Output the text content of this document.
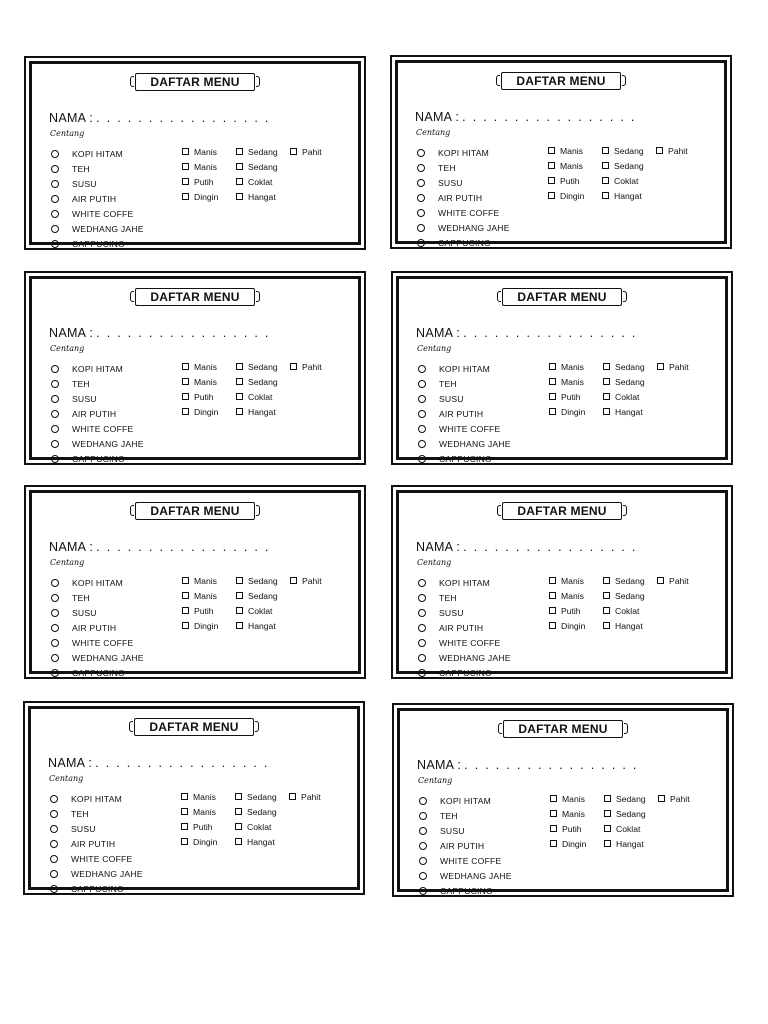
DAFTAR MENU
NAMA : . . . . . . . . . . . . . . . . .
Centang
KOPI HITAM
TEH
SUSU
AIR PUTIH
WHITE COFFE
WEDHANG JAHE
CAPPUCINO
Manis	Sedang	Pahit
Manis	Sedang
Putih	Coklat
Dingin	Hangat
DAFTAR MENU
NAMA : . . . . . . . . . . . . . . . . .
Centang
KOPI HITAM
TEH
SUSU
AIR PUTIH
WHITE COFFE
WEDHANG JAHE
CAPPUCINO
Manis	Sedang	Pahit
Manis	Sedang
Putih	Coklat
Dingin	Hangat
DAFTAR MENU
NAMA : . . . . . . . . . . . . . . . . .
Centang
KOPI HITAM
TEH
SUSU
AIR PUTIH
WHITE COFFE
WEDHANG JAHE
CAPPUCINO
Manis	Sedang	Pahit
Manis	Sedang
Putih	Coklat
Dingin	Hangat
DAFTAR MENU
NAMA : . . . . . . . . . . . . . . . . .
Centang
KOPI HITAM
TEH
SUSU
AIR PUTIH
WHITE COFFE
WEDHANG JAHE
CAPPUCINO
Manis	Sedang	Pahit
Manis	Sedang
Putih	Coklat
Dingin	Hangat
DAFTAR MENU
NAMA : . . . . . . . . . . . . . . . . .
Centang
KOPI HITAM
TEH
SUSU
AIR PUTIH
WHITE COFFE
WEDHANG JAHE
CAPPUCINO
Manis	Sedang	Pahit
Manis	Sedang
Putih	Coklat
Dingin	Hangat
DAFTAR MENU
NAMA : . . . . . . . . . . . . . . . . .
Centang
KOPI HITAM
TEH
SUSU
AIR PUTIH
WHITE COFFE
WEDHANG JAHE
CAPPUCINO
Manis	Sedang	Pahit
Manis	Sedang
Putih	Coklat
Dingin	Hangat
DAFTAR MENU
NAMA : . . . . . . . . . . . . . . . . .
Centang
KOPI HITAM
TEH
SUSU
AIR PUTIH
WHITE COFFE
WEDHANG JAHE
CAPPUCINO
Manis	Sedang	Pahit
Manis	Sedang
Putih	Coklat
Dingin	Hangat
DAFTAR MENU
NAMA : . . . . . . . . . . . . . . . . .
Centang
KOPI HITAM
TEH
SUSU
AIR PUTIH
WHITE COFFE
WEDHANG JAHE
CAPPUCINO
Manis	Sedang	Pahit
Manis	Sedang
Putih	Coklat
Dingin	Hangat
